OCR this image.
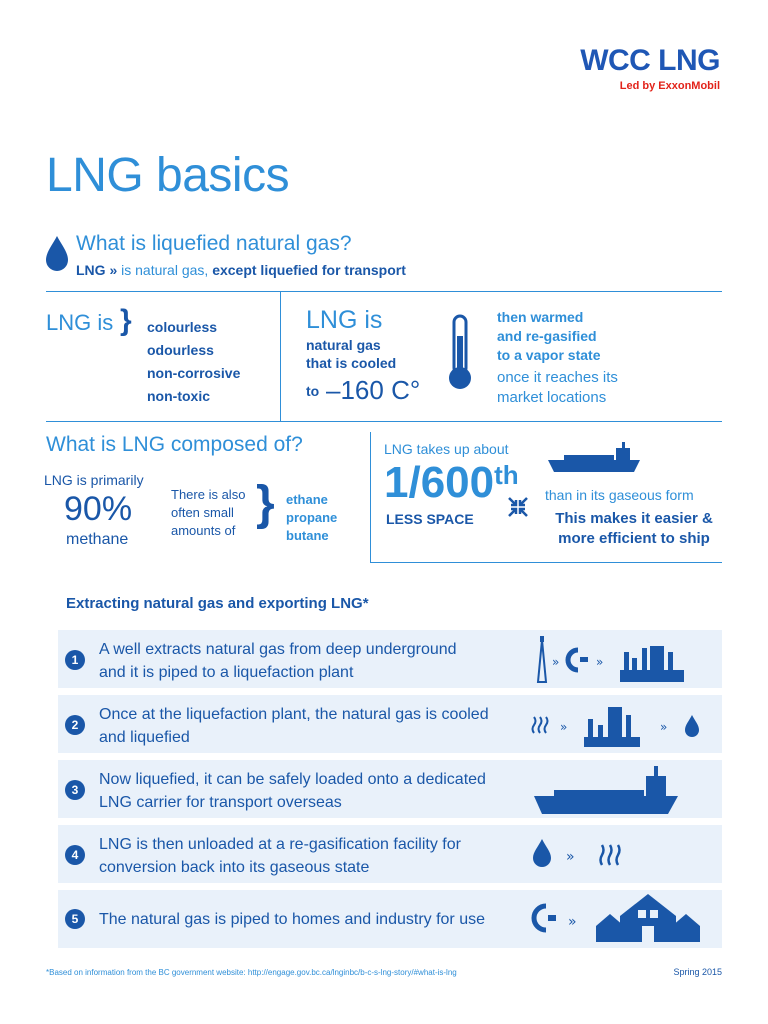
WCC LNG
Led by ExxonMobil
LNG basics
What is liquefied natural gas?
LNG » is natural gas, except liquefied for transport
LNG is } colourless
odourless
non-corrosive
non-toxic
LNG is
natural gas
that is cooled
to –160 C°
then warmed
and re-gasified
to a vapor state
once it reaches its
market locations
What is LNG composed of?
LNG is primarily
90%
methane
There is also
often small
amounts of
} ethane
propane
butane
LNG takes up about
1/600th
LESS SPACE
than in its gaseous form
This makes it easier &
more efficient to ship
Extracting natural gas and exporting LNG*
1
A well extracts natural gas from deep underground
and it is piped to a liquefaction plant
»	»
2
Once at the liquefaction plant, the natural gas is cooled
and liquefied
»	»
3
Now liquefied, it can be safely loaded onto a dedicated
LNG carrier for transport overseas
4
LNG is then unloaded at a re-gasification facility for
conversion back into its gaseous state
»
5	The natural gas is piped to homes and industry for use	»
*Based on information from the BC government website: http://engage.gov.bc.ca/lnginbc/b-c-s-lng-story/#what-is-lng	Spring 2015
